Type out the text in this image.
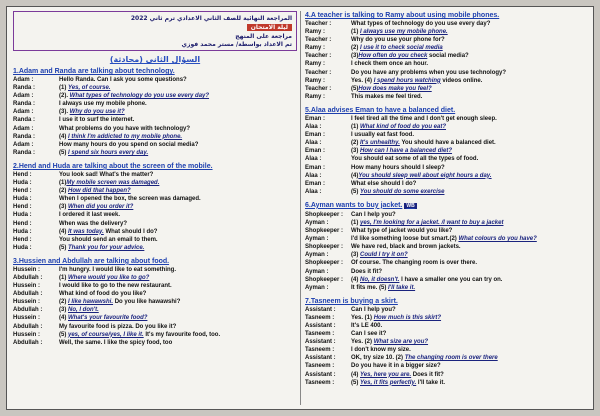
المراجعة النهائية للصف الثاني الاعدادي ترم ثاني 2022
ليلة الامتحان
مراجعة على المنهج
تم الاعداد بواسطة/ مستر محمد فوزي
السؤال الثانى (محادثة)
1.Adam and Randa are talking about technology.
Adam :	Hello Randa. Can I ask you some questions?
Randa :	(1) Yes, of course.
Adam :	(2). What types of technology do you use every day?
Randa :	I always use my mobile phone.
Adam :	(3). Why do you use it?
Randa :	I use it to surf the internet.
Adam :	What problems do you have with technology?
Randa :	(4) I think I'm addicted to my mobile phone.
Adam :	How many hours do you spend on social media?
Randa :	(5) I spend six hours every day.
2.Hend and Huda are talking about the screen of the mobile.
Hend :	You look sad! What's the matter?
Huda :	(1)My mobile screen was damaged.
Hend :	(2) How did that happen?
Huda :	When I opened the box, the screen was damaged.
Hend :	(3) When did you order it?
Huda :	I ordered it last week.
Hend :	When was the delivery?
Huda :	(4) It was today. What should I do?
Hend :	You should send an email to them.
Huda :	(5) Thank you for your advice.
3.Hussien and Abdullah are talking about food.
Hussein :	I'm hungry. I would like to eat something.
Abdullah :	(1) Where would you like to go?
Hussein :	I would like to go to the new restaurant.
Abdullah :	What kind of food do you like?
Hussein :	(2) I like hawawshi. Do you like hawawshi?
Abdullah :	(3) No, I don't.
Hussein :	(4) What's your favourite food?
Abdullah :	My favourite food is pizza. Do you like it?
Hussein :	(5) yes, of course/yes, I like it. It's my favourite food, too.
Abdullah :	Well, the same. I like the spicy food, too
4.A teacher is talking to Ramy about using mobile phones.
Teacher :	What types of technology do you use every day?
Ramy :	(1) I always use my mobile phone.
Teacher :	Why do you use your phone for?
Ramy :	(2) I use it to check social media
Teacher :	(3)How often do you check social media?
Ramy :	I check them once an hour.
Teacher :	Do you have any problems when you use technology?
Ramy :	Yes. (4) I spend hours watching videos online.
Teacher :	(5)How does make you feel?
Ramy :	This makes me feel tired.
5.Alaa advises Eman to have a balanced diet.
Eman :	I feel tired all the time and I don't get enough sleep.
Alaa :	(1) What kind of food do you eat?
Eman :	I usually eat fast food.
Alaa :	(2) It's unhealthy. You should have a balanced diet.
Eman :	(3) How can I have a balanced diet?
Alaa :	You should eat some of all the types of food.
Eman :	How many hours should I sleep?
Alaa :	(4)You should sleep well about eight hours a day.
Eman :	What else should I do?
Alaa :	(5) You should do some exercise
6.Ayman wants to buy jacket. WB
Shopkeeper : Can I help you?
Ayman :	(1) yes, I'm looking for a jacket. /I want to buy a jacket
Shopkeeper : What type of jacket would you like?
Ayman :	I'd like something loose but smart.(2) What colours do you have?
Shopkeeper : We have red, black and brown jackets.
Ayman :	(3) Could I try it on?
Shopkeeper : Of course. The changing room is over there.
Ayman :	Does it fit?
Shopkeeper : (4) No, it doesn't. I have a smaller one you can try on.
Ayman :	It fits me. (5) I'll take it.
7.Tasneem is buying a skirt.
Assistant :	Can I help you?
Tasneem :	Yes. (1) How much is this skirt?
Assistant :	It's LE 400.
Tasneem :	Can I see it?
Assistant :	Yes. (2) What size are you?
Tasneem :	I don't know my size.
Assistant :	OK, try size 10. (2) The changing room is over there
Tasneem :	Do you have it in a bigger size?
Assistant :	(4) Yes, here you are. Does it fit?
Tasneem :	(5) Yes, it fits perfectly. I'll take it.
